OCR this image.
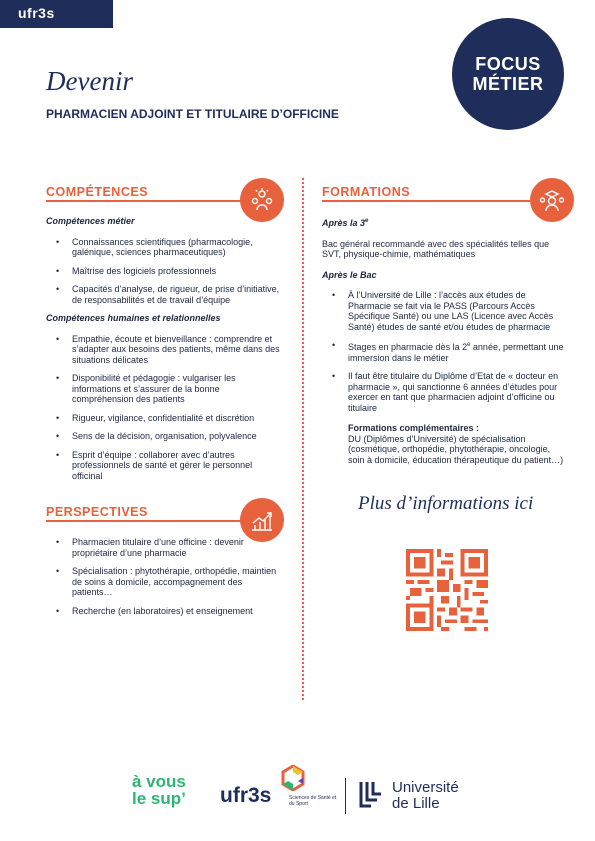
ufr3s
FOCUS
MÉTIER
Devenir
PHARMACIEN ADJOINT ET TITULAIRE D’OFFICINE
COMPÉTENCES	FORMATIONS
Compétences métier
• Connaissances scientifiques (pharmacologie, galénique, sciences pharmaceutiques)
• Maîtrise des logiciels professionnels
• Capacités d’analyse, de rigueur, de prise d’initiative, de responsabilités et de travail d’équipe
Compétences humaines et relationnelles
• Empathie, écoute et bienveillance : comprendre et s’adapter aux besoins des patients, même dans des situations délicates
• Disponibilité et pédagogie : vulgariser les informations et s’assurer de la bonne compréhension des patients
• Rigueur, vigilance, confidentialité et discrétion
• Sens de la décision, organisation, polyvalence
• Esprit d’équipe : collaborer avec d’autres professionnels de santé et gérer le personnel officinal
PERSPECTIVES
• Pharmacien titulaire d’une officine : devenir propriétaire d’une pharmacie
• Spécialisation : phytothérapie, orthopédie, maintien de soins à domicile, accompagnement des patients…
• Recherche (en laboratoires) et enseignement
Après la 3e

Bac général recommandé avec des spécialités telles que SVT, physique-chimie, mathématiques

Après le Bac
• À l’Université de Lille : l’accès aux études de Pharmacie se fait via le PASS (Parcours Accès Spécifique Santé) ou une LAS (Licence avec Accès Santé) études de santé et/ou études de pharmacie
• Stages en pharmacie dès la 2e année, permettant une immersion dans le métier
• Il faut être titulaire du Diplôme d’Etat de « docteur en pharmacie », qui sanctionne 6 années d’études pour exercer en tant que pharmacien adjoint d’officine ou titulaire
Formations complémentaires :
DU (Diplômes d’Université) de spécialisation (cosmétique, orthopédie, phytothérapie, oncologie, soin à domicile, éducation thérapeutique du patient…)
Plus d’informations ici
à vous
le sup’ ufr3s	Sciences de Santé et du Sport
Université
de Lille
